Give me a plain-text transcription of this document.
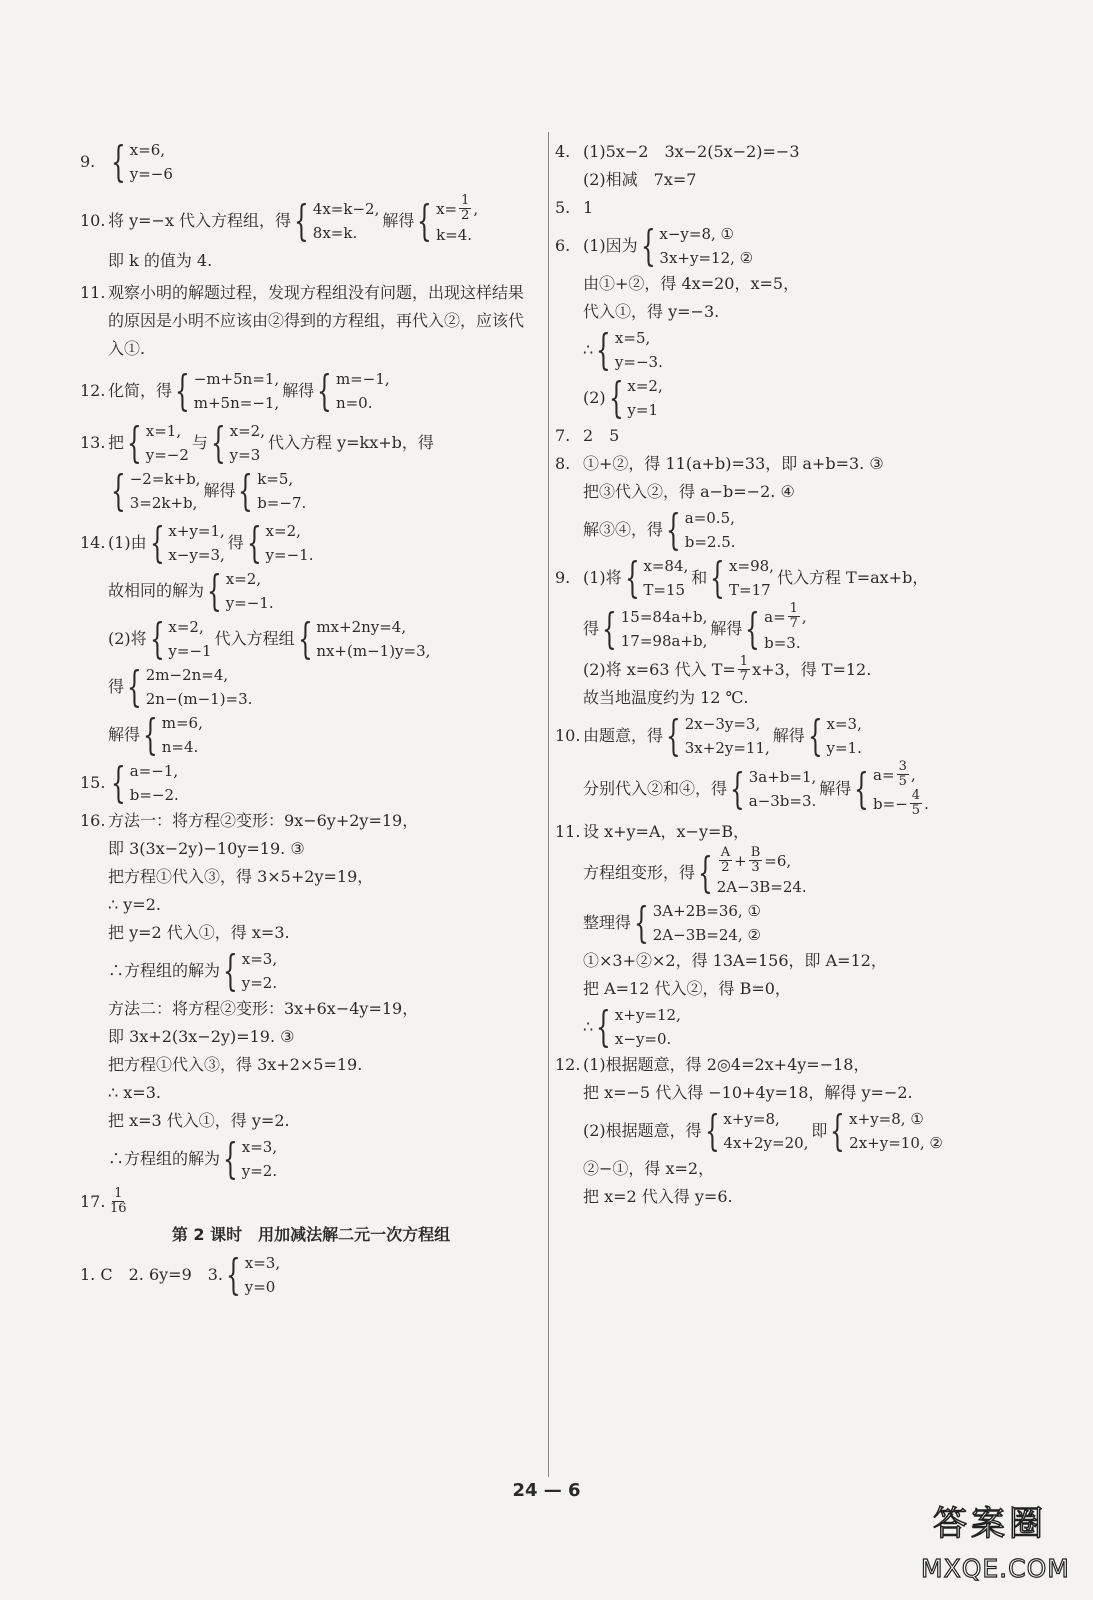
9. { x=6,
y=−6
10. 将 y=−x 代入方程组，得 { 4x=k−2,
8x=k.
解得 { $x= \frac{1}{2}$ ,
k=4.
即 k 的值为 4.
11. 观察小明的解题过程，发现方程组没有问题，出现这样结果
的原因是小明不应该由②得到的方程组，再代入②，应该代
入①.
12. 化简，得 { −m+5n=1,
m+5n=−1,
解得 { m=−1,
n=0.
13. 把 { x=1,
y=−2
与 { x=2,
y=3
代入方程 y=kx+b，得
{ −2=k+b,
3=2k+b,
解得 { k=5,
b=−7.
14. (1)由 { x+y=1,
x−y=3,
得 { x=2,
y=−1.
故相同的解为 { x=2,
y=−1.
(2)将 { x=2,
y=−1
代入方程组 { mx+2ny=4,
nx+(m−1)y=3,
得 { 2m−2n=4,
2n−(m−1)=3.
解得 { m=6,
n=4.
15. { a=−1,
b=−2.
16. 方法一：将方程②变形：9x−6y+2y=19，
即 3(3x−2y)−10y=19. ③
把方程①代入③，得 3×5+2y=19，
∴ y=2.
把 y=2 代入①，得 x=3.
∴方程组的解为 { x=3,
y=2.
方法二：将方程②变形：3x+6x−4y=19，
即 3x+2(3x−2y)=19. ③
把方程①代入③，得 3x+2×5=19.
∴ x=3.
把 x=3 代入①，得 y=2.
∴方程组的解为 { x=3,
y=2.
17. $\frac{1}{16}$
第 2 课时　用加减法解二元一次方程组
1. C　2. 6y=9　3. { x=3,
y=0
4. (1)5x−2　3x−2(5x−2)=−3
(2)相减　7x=7
5. 1
6. (1)因为 { x−y=8, ①
3x+y=12, ②
由①+②，得 4x=20，x=5，
代入①，得 y=−3.
∴ { x=5,
y=−3.
(2) { x=2,
y=1
7. 2　5
8. ①+②，得 11(a+b)=33，即 a+b=3. ③
把③代入②，得 a−b=−2. ④
解③④，得 { a=0.5,
b=2.5.
9. (1)将 { x=84,
T=15
和 { x=98,
T=17
代入方程 T=ax+b，
得 { 15=84a+b,
17=98a+b,
解得 { $a= \frac{1}{7}$ ,
b=3.
(2)将 x=63 代入 $T= \frac{1}{7} x+3$，得 T=12.
故当地温度约为 12 ℃.
10. 由题意，得 { 2x−3y=3,
3x+2y=11,
解得 { x=3,
y=1.
分别代入②和④，得 { 3a+b=1,
a−3b=3.
解得 { $a= \frac{3}{5}$ ,
$b=- \frac{4}{5}$ .
11. 设 x+y=A，x−y=B，
方程组变形，得 { $\frac{A}{2} + \frac{B}{3} =6$,
2A−3B=24.
整理得 { 3A+2B=36, ①
2A−3B=24, ②
①×3+②×2，得 13A=156，即 A=12，
把 A=12 代入②，得 B=0，
∴ { x+y=12,
x−y=0.
12. (1)根据题意，得 2◎4=2x+4y=−18，
把 x=−5 代入得 −10+4y=18，解得 y=−2.
(2)根据题意，得 { x+y=8,
4x+2y=20,
即 { x+y=8, ①
2x+y=10, ②
②−①，得 x=2，
把 x=2 代入得 y=6.
24 — 6
答案圈
MXQE.COM
